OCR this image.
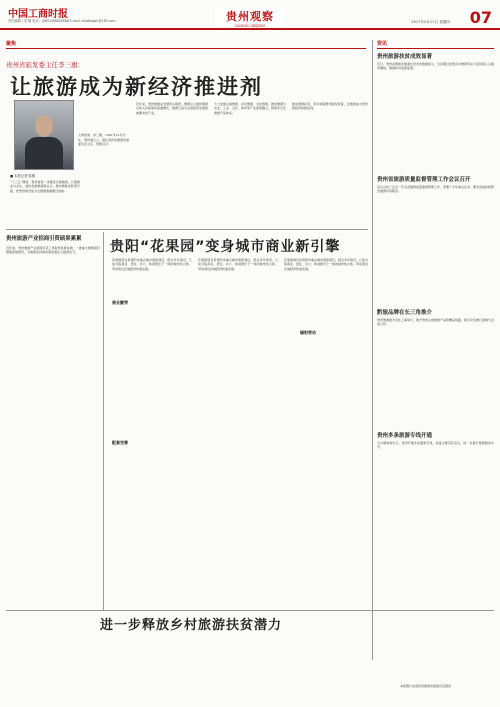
中国工商时报
责任编辑 / 李 娜 电话：(0851)86828988 E-mail: ahaitaigzh@163.com	贵州观察
GUIZHOU OBSERVE
2017年5月11日 星期四 07
聚焦
贵州省旅发委主任李三旗：
让旅游成为新经济推进剂
人物档案：李三旗，1961年12月出生，贵州遵义人，现任贵州省旅游发展委员会主任、党组书记。
■ 本报记者 陈刚
“十三五”期间，贵州将进一步推进全域旅游，以旅游业为龙头，加快发展旅游新业态，推动旅游业转型升级，把贵州建设成为全国旅游重要目的地。
近年来，贵州旅游业发展势头强劲，旅游总人数和旅游总收入持续保持高速增长，旅游已成为全省经济发展的重要支柱产业。
大力发展山地旅游、乡村旅游、文化旅游，推进旅游与农业、工业、文化、体育等产业深度融合，构建多元化旅游产品体系。
推动旅游扶贫，带动贫困群众脱贫致富，让旅游成为贵州新经济的推进剂。
资讯
贵州旅游扶贫成效显著
近日，贵州省旅游发展委员会发布数据显示，全省通过发展乡村旅游带动大量贫困人口脱贫增收，旅游扶贫成效显著。
贵州省旅游质量监督管理工作会议召开
会议总结了过去一年全省旅游质量监督管理工作，部署了今年重点任务，要求各地持续整治旅游市场秩序。
黔旅品牌在长三角推介
贵州旅游推介会在上海举行，推介贵州山地旅游产品和精品线路，吸引众多旅行商参与洽谈合作。
贵州多条旅游专线开通
为方便游客出行，贵州开通多条旅游专线，连接主要景区景点，进一步提升旅游服务水平。
贵州旅游产业招商引资硕果累累
近年来，贵州旅游产业招商引资工作取得显著成效，一批重大旅游项目相继落地建设，为旅游业持续快速发展注入强劲动力。	贵阳“花果园”变身城市商业新引擎
商业繁荣
配套完善
辐射带动
花果园项目是贵阳市重点城市更新项目，经过多年建设，已成为集商业、居住、办公、休闲娱乐于一体的城市综合体，带动周边区域经济快速发展。
花果园项目是贵阳市重点城市更新项目，经过多年建设，已成为集商业、居住、办公、休闲娱乐于一体的城市综合体，带动周边区域经济快速发展。
花果园项目是贵阳市重点城市更新项目，经过多年建设，已成为集商业、居住、办公、休闲娱乐于一体的城市综合体，带动周边区域经济快速发展。
进一步释放乡村旅游扶贫潜力
本版图片由贵州省旅游发展委员会提供
